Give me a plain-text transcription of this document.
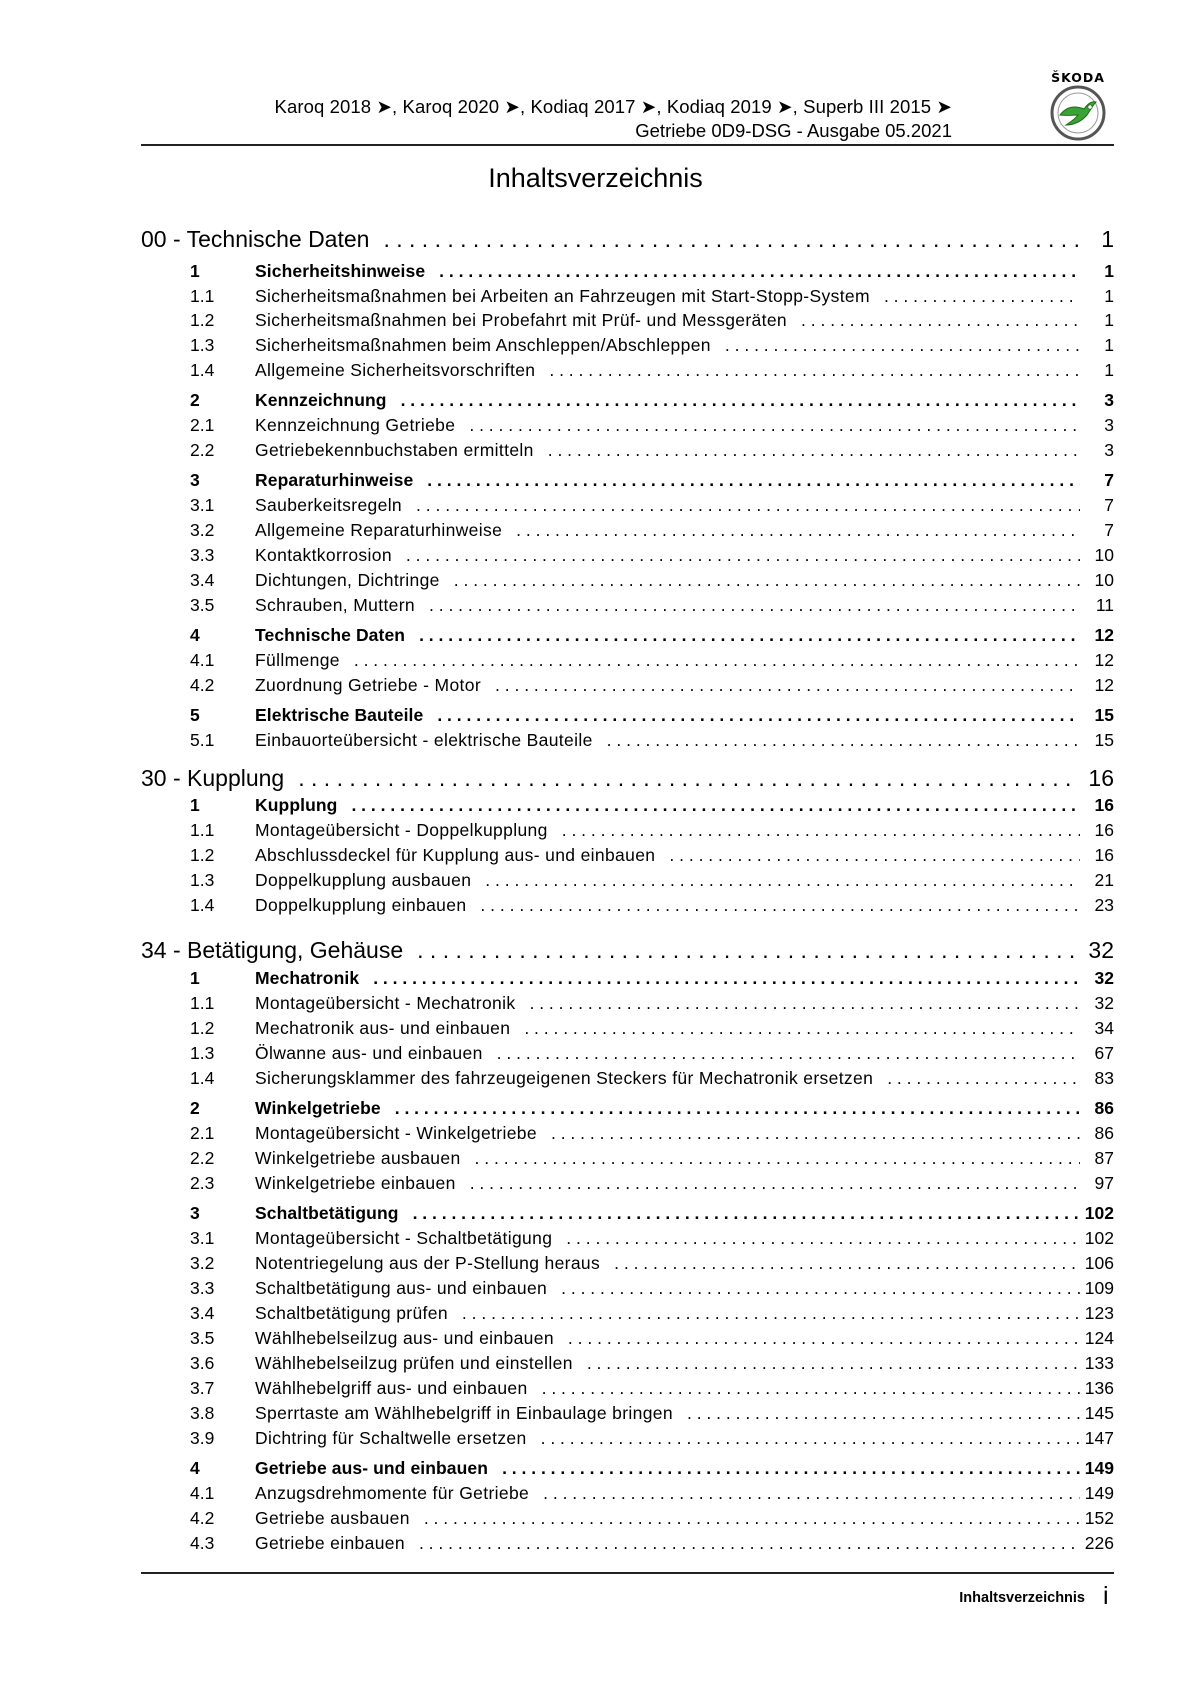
Karoq 2018 ➤, Karoq 2020 ➤, Kodiaq 2017 ➤, Kodiaq 2019 ➤, Superb III 2015 ➤
Getriebe 0D9-DSG - Ausgabe 05.2021
ŠKODA
Inhaltsverzeichnis
00 - Technische Daten . . .	1
1	Sicherheitshinweise . . .	1
1.1	Sicherheitsmaßnahmen bei Arbeiten an Fahrzeugen mit Start-Stopp-System . . .	1
1.2	Sicherheitsmaßnahmen bei Probefahrt mit Prüf- und Messgeräten . . .	1
1.3	Sicherheitsmaßnahmen beim Anschleppen/Abschleppen . . .	1
1.4	Allgemeine Sicherheitsvorschriften . . .	1
2	Kennzeichnung . . .	3
2.1	Kennzeichnung Getriebe . . .	3
2.2	Getriebekennbuchstaben ermitteln . . .	3
3	Reparaturhinweise . . .	7
3.1	Sauberkeitsregeln . . .	7
3.2	Allgemeine Reparaturhinweise . . .	7
3.3	Kontaktkorrosion . . .	10
3.4	Dichtungen, Dichtringe . . .	10
3.5	Schrauben, Muttern . . .	11
4	Technische Daten . . .	12
4.1	Füllmenge . . .	12
4.2	Zuordnung Getriebe - Motor . . .	12
5	Elektrische Bauteile . . .	15
5.1	Einbauorteübersicht - elektrische Bauteile . . .	15
30 - Kupplung . . .	16
1	Kupplung . . .	16
1.1	Montageübersicht - Doppelkupplung . . .	16
1.2	Abschlussdeckel für Kupplung aus- und einbauen . . .	16
1.3	Doppelkupplung ausbauen . . .	21
1.4	Doppelkupplung einbauen . . .	23
34 - Betätigung, Gehäuse . . .	32
1	Mechatronik . . .	32
1.1	Montageübersicht - Mechatronik . . .	32
1.2	Mechatronik aus- und einbauen . . .	34
1.3	Ölwanne aus- und einbauen . . .	67
1.4	Sicherungsklammer des fahrzeugeigenen Steckers für Mechatronik ersetzen . . .	83
2	Winkelgetriebe . . .	86
2.1	Montageübersicht - Winkelgetriebe . . .	86
2.2	Winkelgetriebe ausbauen . . .	87
2.3	Winkelgetriebe einbauen . . .	97
3	Schaltbetätigung . . .	102
3.1	Montageübersicht - Schaltbetätigung . . .	102
3.2	Notentriegelung aus der P-Stellung heraus . . .	106
3.3	Schaltbetätigung aus- und einbauen . . .	109
3.4	Schaltbetätigung prüfen . . .	123
3.5	Wählhebelseilzug aus- und einbauen . . .	124
3.6	Wählhebelseilzug prüfen und einstellen . . .	133
3.7	Wählhebelgriff aus- und einbauen . . .	136
3.8	Sperrtaste am Wählhebelgriff in Einbaulage bringen . . .	145
3.9	Dichtring für Schaltwelle ersetzen . . .	147
4	Getriebe aus- und einbauen . . .	149
4.1	Anzugsdrehmomente für Getriebe . . .	149
4.2	Getriebe ausbauen . . .	152
4.3	Getriebe einbauen . . .	226
Inhaltsverzeichnis i
